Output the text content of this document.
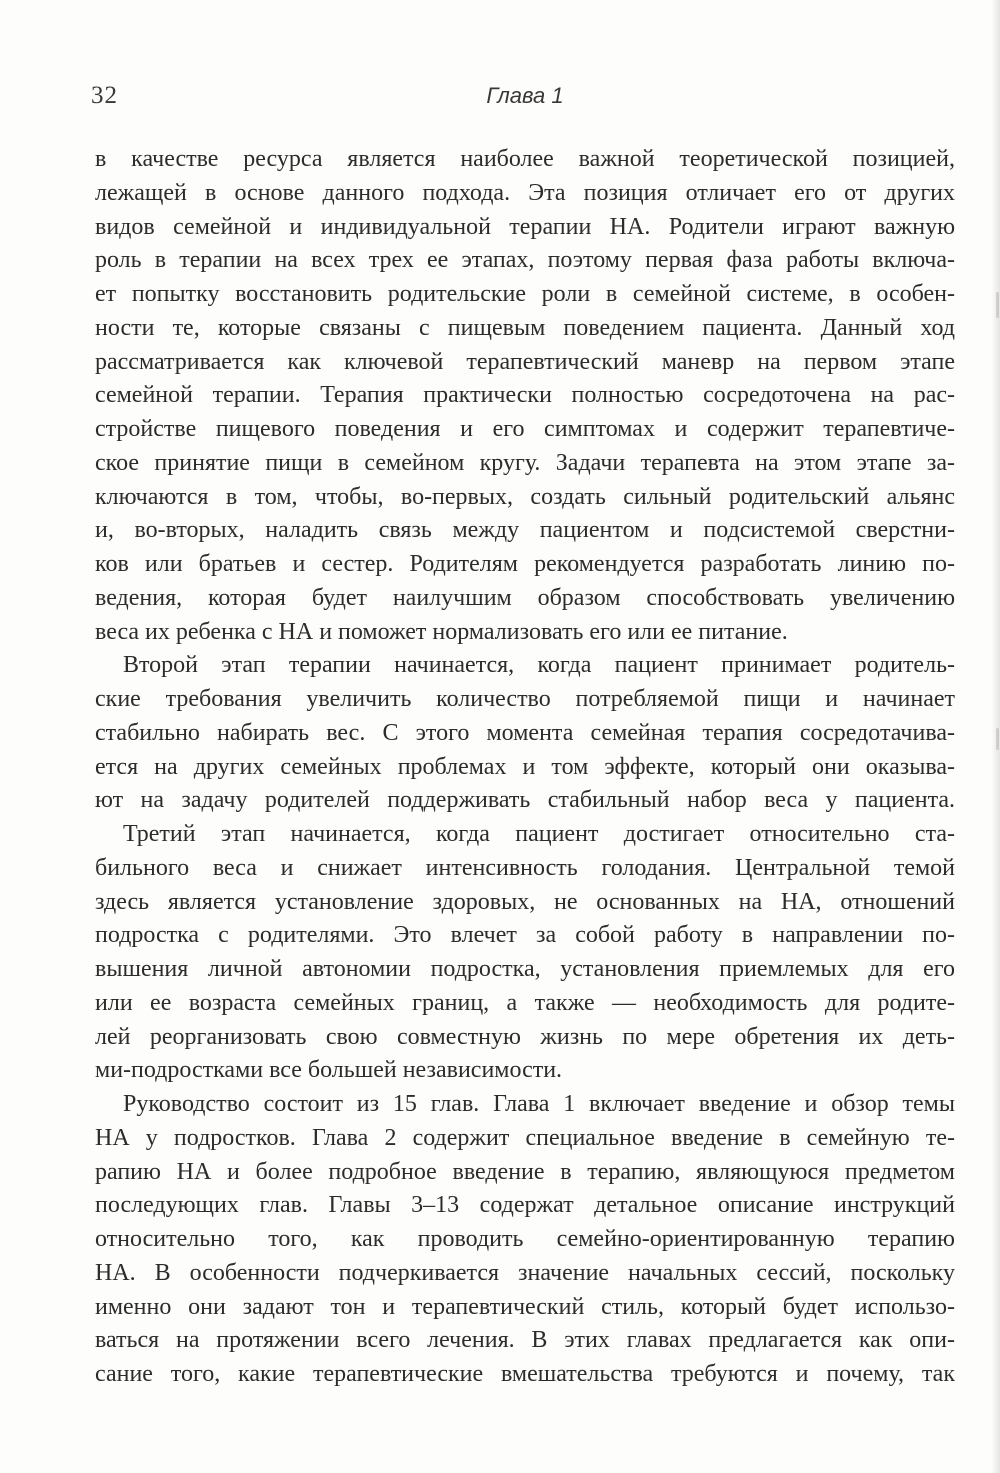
32	Глава 1
в качестве ресурса является наиболее важной теоретической позицией,
лежащей в основе данного подхода. Эта позиция отличает его от других
видов семейной и индивидуальной терапии НА. Родители играют важную
роль в терапии на всех трех ее этапах, поэтому первая фаза работы включа-
ет попытку восстановить родительские роли в семейной системе, в особен-
ности те, которые связаны с пищевым поведением пациента. Данный ход
рассматривается как ключевой терапевтический маневр на первом этапе
семейной терапии. Терапия практически полностью сосредоточена на рас-
стройстве пищевого поведения и его симптомах и содержит терапевтиче-
ское принятие пищи в семейном кругу. Задачи терапевта на этом этапе за-
ключаются в том, чтобы, во-первых, создать сильный родительский альянс
и, во-вторых, наладить связь между пациентом и подсистемой сверстни-
ков или братьев и сестер. Родителям рекомендуется разработать линию по-
ведения, которая будет наилучшим образом способствовать увеличению
веса их ребенка с НА и поможет нормализовать его или ее питание.
Второй этап терапии начинается, когда пациент принимает родитель-
ские требования увеличить количество потребляемой пищи и начинает
стабильно набирать вес. С этого момента семейная терапия сосредотачива-
ется на других семейных проблемах и том эффекте, который они оказыва-
ют на задачу родителей поддерживать стабильный набор веса у пациента.
Третий этап начинается, когда пациент достигает относительно ста-
бильного веса и снижает интенсивность голодания. Центральной темой
здесь является установление здоровых, не основанных на НА, отношений
подростка с родителями. Это влечет за собой работу в направлении по-
вышения личной автономии подростка, установления приемлемых для его
или ее возраста семейных границ, а также — необходимость для родите-
лей реорганизовать свою совместную жизнь по мере обретения их деть-
ми-подростками все большей независимости.
Руководство состоит из 15 глав. Глава 1 включает введение и обзор темы
НА у подростков. Глава 2 содержит специальное введение в семейную те-
рапию НА и более подробное введение в терапию, являющуюся предметом
последующих глав. Главы 3–13 содержат детальное описание инструкций
относительно того, как проводить семейно-ориентированную терапию
НА. В особенности подчеркивается значение начальных сессий, поскольку
именно они задают тон и терапевтический стиль, который будет использо-
ваться на протяжении всего лечения. В этих главах предлагается как опи-
сание того, какие терапевтические вмешательства требуются и почему, так
